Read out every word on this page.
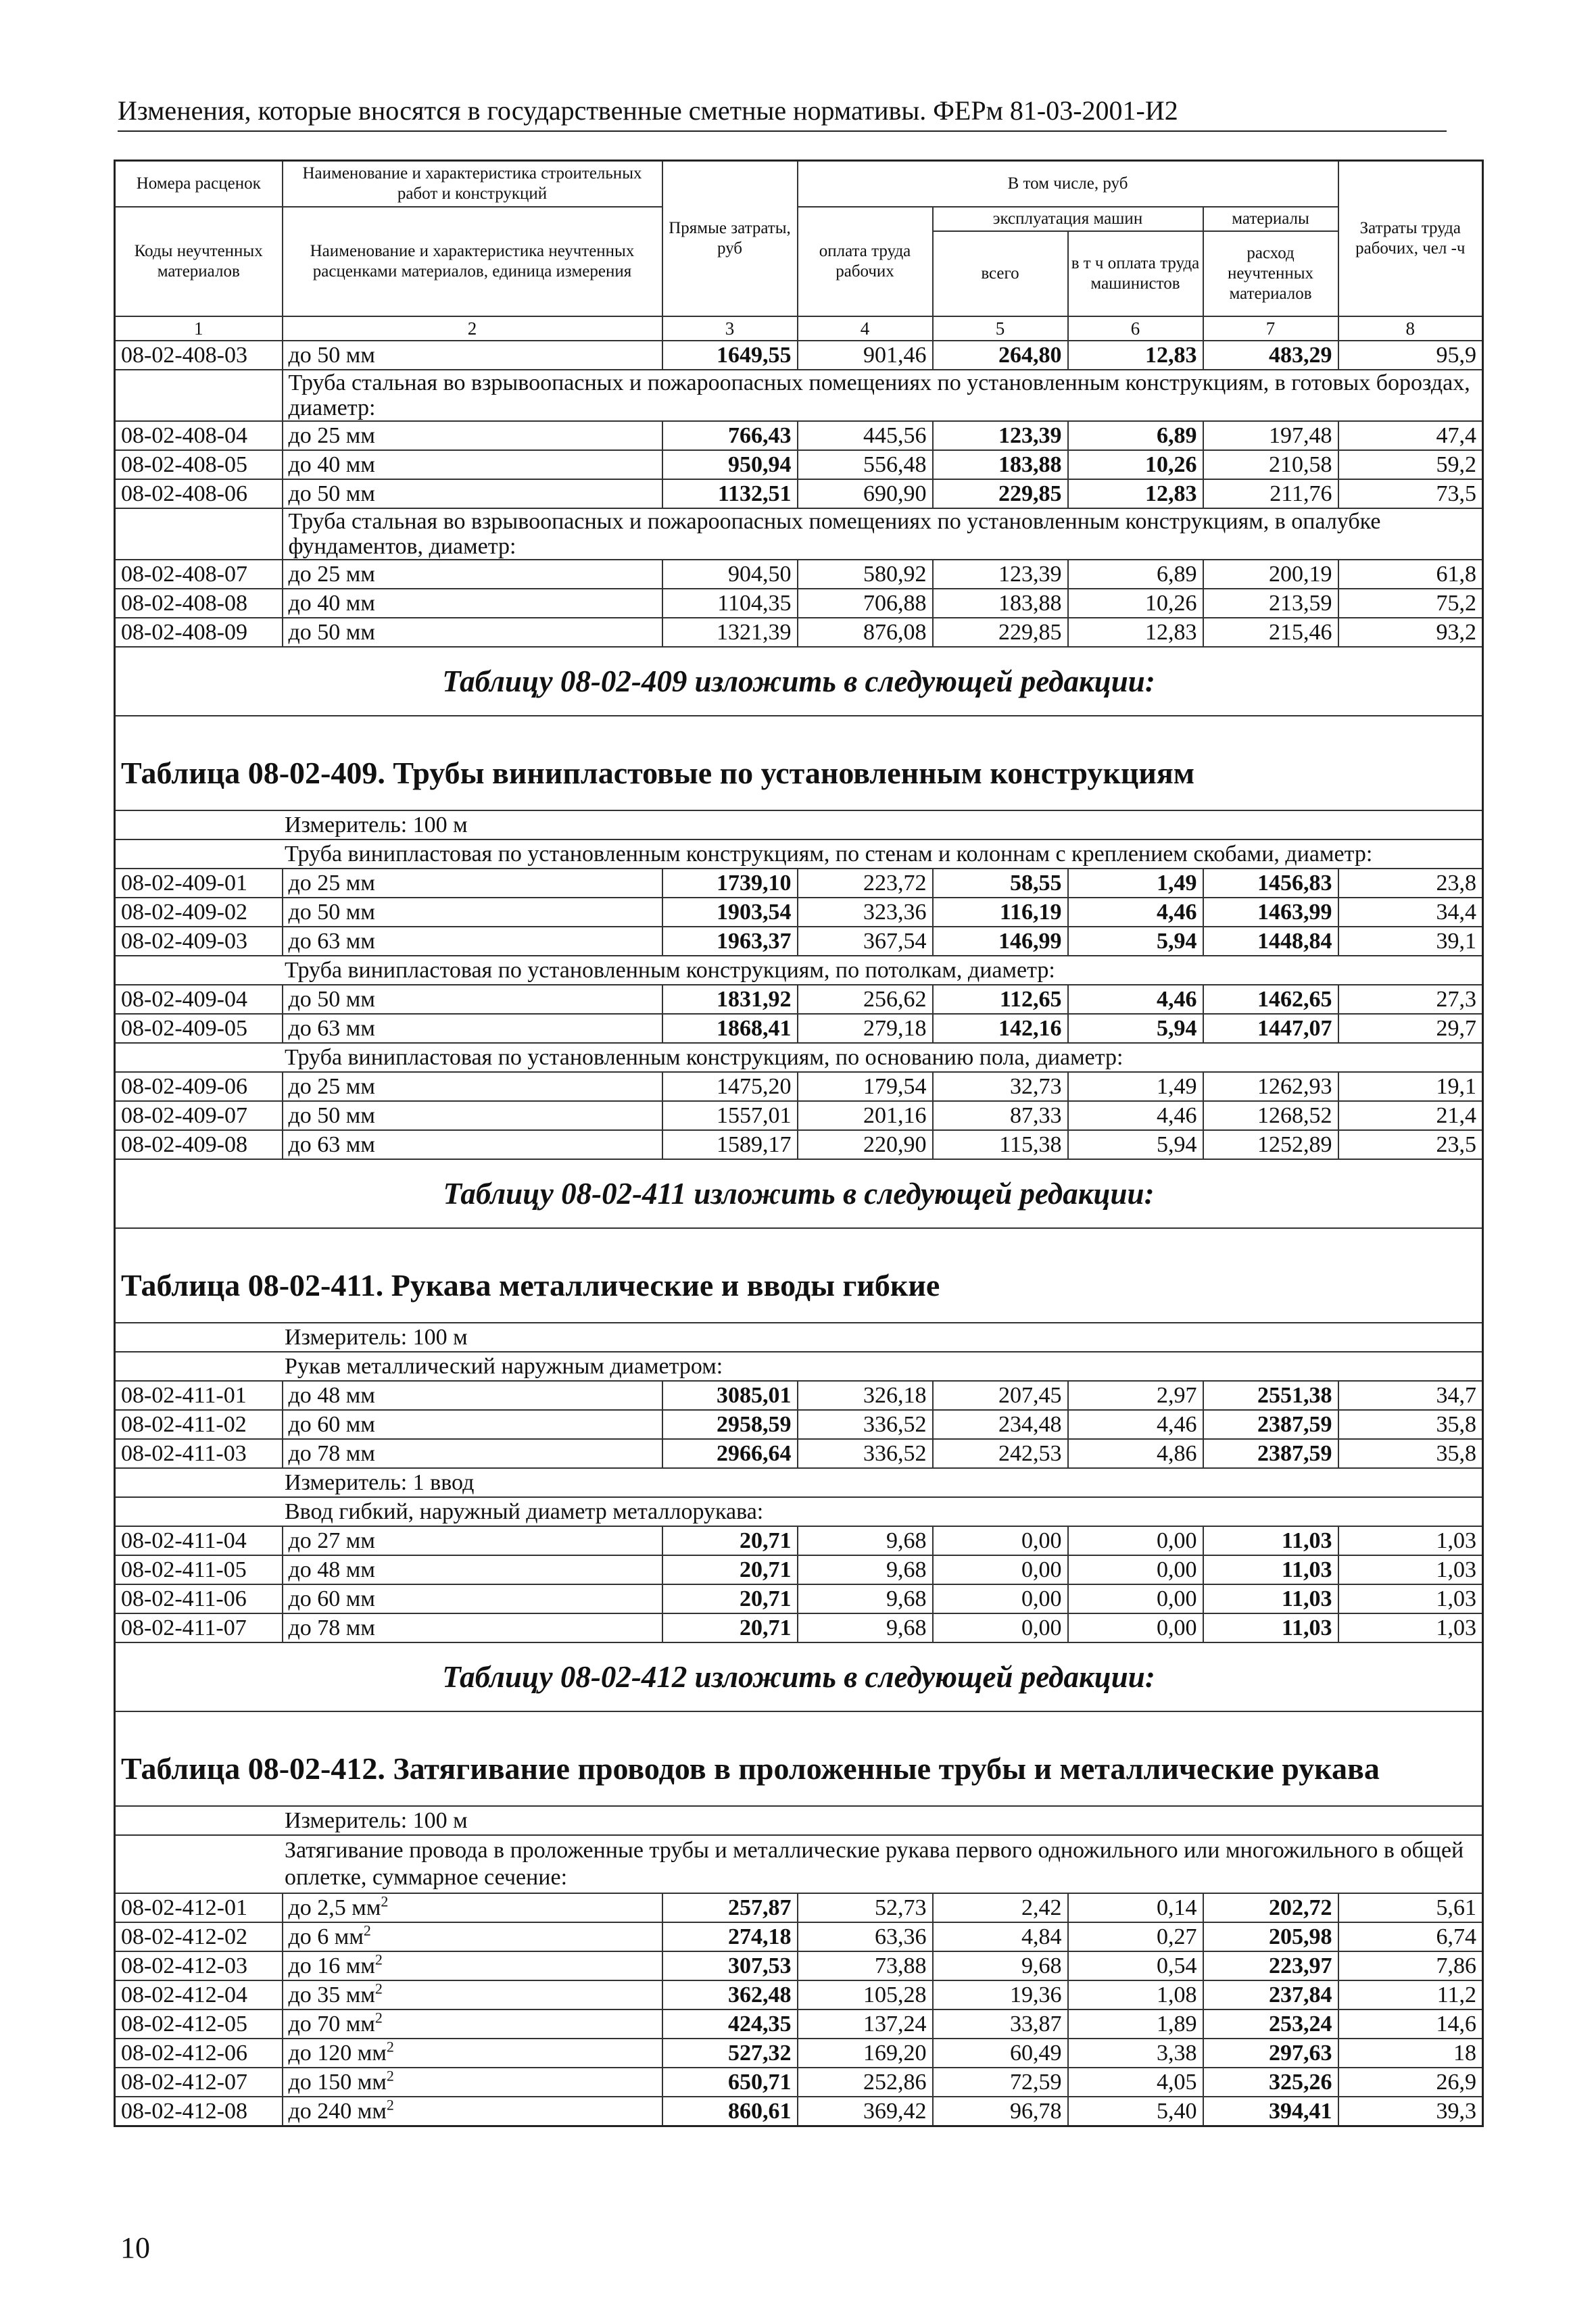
Изменения, которые вносятся в государственные сметные нормативы. ФЕРм 81-03-2001-И2
Номера расценок	Наименование и характеристика строительных работ и конструкций	Прямые затраты, руб	В том числе, руб				Затраты труда рабочих, чел -ч
Коды неучтенных материалов	Наименование и характеристика неучтенных расценками материалов, единица измерения		оплата труда рабочих	эксплуатация машин		материалы	
				всего	в т ч оплата труда машинистов	расход неучтенных материалов	
1	2	3	4	5	6	7	8
08-02-408-03	до 50 мм	1649,55	901,46	264,80	12,83	483,29	95,9
	Труба стальная во взрывоопасных и пожароопасных помещениях по установленным конструкциям, в готовых бороздах, диаметр:						
08-02-408-04	до 25 мм	766,43	445,56	123,39	6,89	197,48	47,4
08-02-408-05	до 40 мм	950,94	556,48	183,88	10,26	210,58	59,2
08-02-408-06	до 50 мм	1132,51	690,90	229,85	12,83	211,76	73,5
	Труба стальная во взрывоопасных и пожароопасных помещениях по установленным конструкциям, в опалубке фундаментов, диаметр:						
08-02-408-07	до 25 мм	904,50	580,92	123,39	6,89	200,19	61,8
08-02-408-08	до 40 мм	1104,35	706,88	183,88	10,26	213,59	75,2
08-02-408-09	до 50 мм	1321,39	876,08	229,85	12,83	215,46	93,2
Таблицу 08-02-409 изложить в следующей редакции:							
Таблица 08-02-409. Трубы винипластовые по установленным конструкциям							
Измеритель: 100 м							
Труба винипластовая по установленным конструкциям, по стенам и колоннам с креплением скобами, диаметр:							
08-02-409-01	до 25 мм	1739,10	223,72	58,55	1,49	1456,83	23,8
08-02-409-02	до 50 мм	1903,54	323,36	116,19	4,46	1463,99	34,4
08-02-409-03	до 63 мм	1963,37	367,54	146,99	5,94	1448,84	39,1
Труба винипластовая по установленным конструкциям, по потолкам, диаметр:							
08-02-409-04	до 50 мм	1831,92	256,62	112,65	4,46	1462,65	27,3
08-02-409-05	до 63 мм	1868,41	279,18	142,16	5,94	1447,07	29,7
Труба винипластовая по установленным конструкциям, по основанию пола, диаметр:							
08-02-409-06	до 25 мм	1475,20	179,54	32,73	1,49	1262,93	19,1
08-02-409-07	до 50 мм	1557,01	201,16	87,33	4,46	1268,52	21,4
08-02-409-08	до 63 мм	1589,17	220,90	115,38	5,94	1252,89	23,5
Таблицу 08-02-411 изложить в следующей редакции:							
Таблица 08-02-411. Рукава металлические и вводы гибкие							
Измеритель: 100 м							
Рукав металлический наружным диаметром:							
08-02-411-01	до 48 мм	3085,01	326,18	207,45	2,97	2551,38	34,7
08-02-411-02	до 60 мм	2958,59	336,52	234,48	4,46	2387,59	35,8
08-02-411-03	до 78 мм	2966,64	336,52	242,53	4,86	2387,59	35,8
Измеритель: 1 ввод							
Ввод гибкий, наружный диаметр металлорукава:							
08-02-411-04	до 27 мм	20,71	9,68	0,00	0,00	11,03	1,03
08-02-411-05	до 48 мм	20,71	9,68	0,00	0,00	11,03	1,03
08-02-411-06	до 60 мм	20,71	9,68	0,00	0,00	11,03	1,03
08-02-411-07	до 78 мм	20,71	9,68	0,00	0,00	11,03	1,03
Таблицу 08-02-412 изложить в следующей редакции:							
Таблица 08-02-412. Затягивание проводов в проложенные трубы и металлические рукава							
Измеритель: 100 м							
Затягивание провода в проложенные трубы и металлические рукава первого одножильного или многожильного в общей оплетке, суммарное сечение:							
08-02-412-01	до 2,5 $мм^2$	257,87	52,73	2,42	0,14	202,72	5,61
08-02-412-02	до 6 $мм^2$	274,18	63,36	4,84	0,27	205,98	6,74
08-02-412-03	до 16 $мм^2$	307,53	73,88	9,68	0,54	223,97	7,86
08-02-412-04	до 35 $мм^2$	362,48	105,28	19,36	1,08	237,84	11,2
08-02-412-05	до 70 $мм^2$	424,35	137,24	33,87	1,89	253,24	14,6
08-02-412-06	до 120 $мм^2$	527,32	169,20	60,49	3,38	297,63	18
08-02-412-07	до 150 $мм^2$	650,71	252,86	72,59	4,05	325,26	26,9
08-02-412-08	до 240 $мм^2$	860,61	369,42	96,78	5,40	394,41	39,3
10
